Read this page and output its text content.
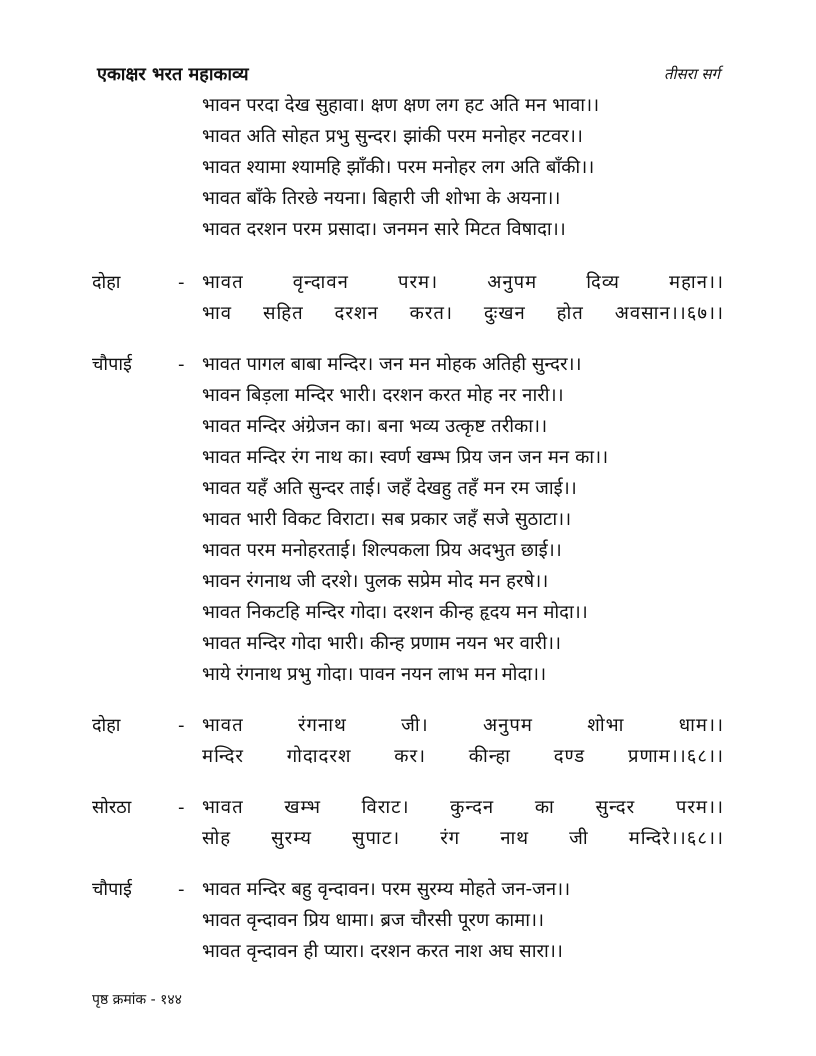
एकाक्षर भरत महाकाव्य	तीसरा सर्ग
भावन परदा देख सुहावा। क्षण क्षण लग हट अति मन भावा।।
भावत अति सोहत प्रभु सुन्दर। झांकी परम मनोहर नटवर।।
भावत श्यामा श्यामहि झाँकी। परम मनोहर लग अति बाँकी।।
भावत बाँके तिरछे नयना। बिहारी जी शोभा के अयना।।
भावत दरशन परम प्रसादा। जनमन सारे मिटत विषादा।।
दोहा	- भावत वृन्दावन परम। अनुपम दिव्य महान।।
भाव सहित दरशन करत। दुःखन होत अवसान।।६७।।
चौपाई	- भावत पागल बाबा मन्दिर। जन मन मोहक अतिही सुन्दर।।
भावन बिड़ला मन्दिर भारी। दरशन करत मोह नर नारी।।
भावत मन्दिर अंग्रेजन का। बना भव्य उत्कृष्ट तरीका।।
भावत मन्दिर रंग नाथ का। स्वर्ण खम्भ प्रिय जन जन मन का।।
भावत यहँ अति सुन्दर ताई। जहँ देखहु तहँ मन रम जाई।।
भावत भारी विकट विराटा। सब प्रकार जहँ सजे सुठाटा।।
भावत परम मनोहरताई। शिल्पकला प्रिय अदभुत छाई।।
भावन रंगनाथ जी दरशे। पुलक सप्रेम मोद मन हरषे।।
भावत निकटहि मन्दिर गोदा। दरशन कीन्ह हृदय मन मोदा।।
भावत मन्दिर गोदा भारी। कीन्ह प्रणाम नयन भर वारी।।
भाये रंगनाथ प्रभु गोदा। पावन नयन लाभ मन मोदा।।
दोहा	- भावत रंगनाथ जी। अनुपम शोभा धाम।।
मन्दिर गोदादरश कर। कीन्हा दण्ड प्रणाम।।६८।।
सोरठा	- भावत खम्भ विराट। कुन्दन का सुन्दर परम।।
सोह सुरम्य सुपाट। रंग नाथ जी मन्दिरे।।६८।।
चौपाई	- भावत मन्दिर बहु वृन्दावन। परम सुरम्य मोहते जन-जन।।
भावत वृन्दावन प्रिय धामा। ब्रज चौरसी पूरण कामा।।
भावत वृन्दावन ही प्यारा। दरशन करत नाश अघ सारा।।
पृष्ठ क्रमांक - १४४
